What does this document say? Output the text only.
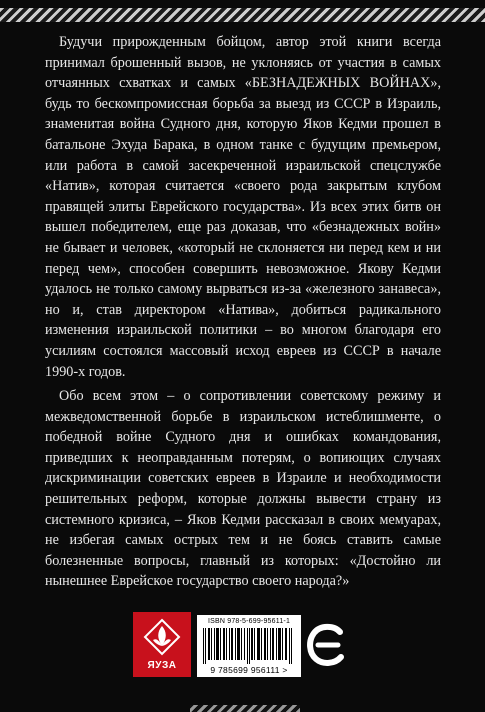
Будучи прирожденным бойцом, автор этой книги всегда принимал брошенный вызов, не уклоняясь от участия в самых отчаянных схватках и самых «БЕЗНАДЕЖНЫХ ВОЙНАХ», будь то бескомпромиссная борьба за выезд из СССР в Израиль, знаменитая война Судного дня, которую Яков Кедми прошел в батальоне Эхуда Барака, в одном танке с будущим премьером, или работа в самой засекреченной израильской спецслужбе «Натив», которая считается «своего рода закрытым клубом правящей элиты Еврейского государства». Из всех этих битв он вышел победителем, еще раз доказав, что «безнадежных войн» не бывает и человек, «который не склоняется ни перед кем и ни перед чем», способен совершить невозможное. Якову Кедми удалось не только самому вырваться из-за «железного занавеса», но и, став директором «Натива», добиться радикального изменения израильской политики – во многом благодаря его усилиям состоялся массовый исход евреев из СССР в начале 1990-х годов.

Обо всем этом – о сопротивлении советскому режиму и межведомственной борьбе в израильском истеблишменте, о победной войне Судного дня и ошибках командования, приведших к неоправданным потерям, о вопиющих случаях дискриминации советских евреев в Израиле и необходимости решительных реформ, которые должны вывести страну из системного кризиса, – Яков Кедми рассказал в своих мемуарах, не избегая самых острых тем и не боясь ставить самые болезненные вопросы, главный из которых: «Достойно ли нынешнее Еврейское государство своего народа?»

ЯУЗА
ISBN 978-5-699-95611-1
9 785699 956111 >
